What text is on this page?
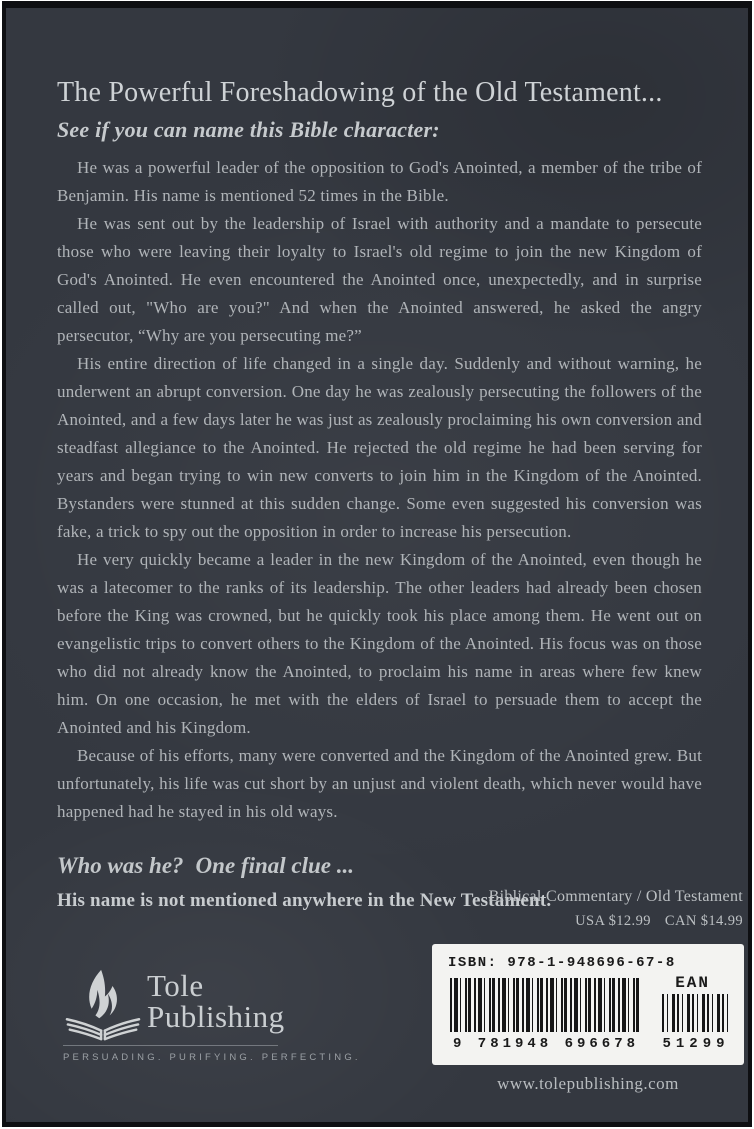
The Powerful Foreshadowing of the Old Testament...
See if you can name this Bible character:

He was a powerful leader of the opposition to God's Anointed, a member of the tribe of Benjamin. His name is mentioned 52 times in the Bible.

He was sent out by the leadership of Israel with authority and a mandate to persecute those who were leaving their loyalty to Israel's old regime to join the new Kingdom of God's Anointed. He even encountered the Anointed once, unexpectedly, and in surprise called out, "Who are you?" And when the Anointed answered, he asked the angry persecutor, “Why are you persecuting me?”

His entire direction of life changed in a single day. Suddenly and without warning, he underwent an abrupt conversion. One day he was zealously persecuting the followers of the Anointed, and a few days later he was just as zealously proclaiming his own conversion and steadfast allegiance to the Anointed. He rejected the old regime he had been serving for years and began trying to win new converts to join him in the Kingdom of the Anointed. Bystanders were stunned at this sudden change. Some even suggested his conversion was fake, a trick to spy out the opposition in order to increase his persecution.

He very quickly became a leader in the new Kingdom of the Anointed, even though he was a latecomer to the ranks of its leadership. The other leaders had already been chosen before the King was crowned, but he quickly took his place among them. He went out on evangelistic trips to convert others to the Kingdom of the Anointed. His focus was on those who did not already know the Anointed, to proclaim his name in areas where few knew him. On one occasion, he met with the elders of Israel to persuade them to accept the Anointed and his Kingdom.

Because of his efforts, many were converted and the Kingdom of the Anointed grew. But unfortunately, his life was cut short by an unjust and violent death, which never would have happened had he stayed in his old ways.

Who was he? One final clue ...
His name is not mentioned anywhere in the New Testament.
Biblical Commentary / Old Testament
USA $12.99 CAN $14.99
ISBN: 978-1-948696-67-8
EAN
9 781948 696678	51299
Tole
Publishing
PERSUADING. PURIFYING. PERFECTING.
www.tolepublishing.com
